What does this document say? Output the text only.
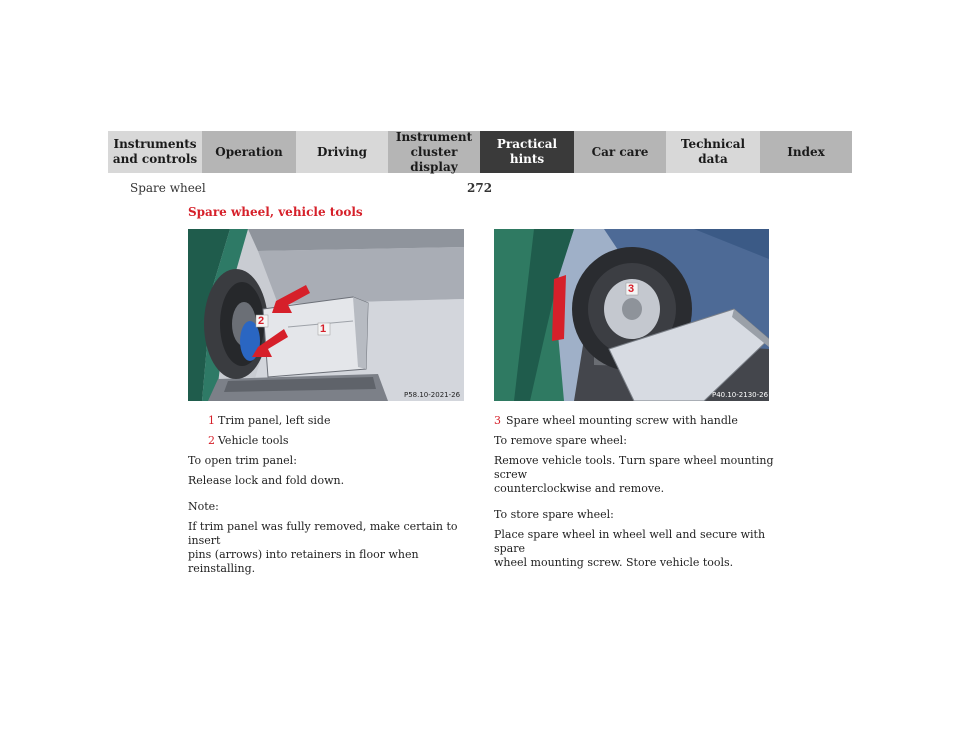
Instruments
and controls
Operation	Driving
Instrument
cluster display
Practical hints
Car care
Technical
data
Index
Spare wheel	272
Spare wheel, vehicle tools
1
2
P58.10-2021-26
3
P40.10-2130-26
1 Trim panel, left side
2 Vehicle tools

To open trim panel:

Release lock and fold down.

Note:

If trim panel was fully removed, make certain to insert
pins (arrows) into retainers in floor when reinstalling.

3 Spare wheel mounting screw with handle

To remove spare wheel:

Remove vehicle tools. Turn spare wheel mounting screw
counterclockwise and remove.

To store spare wheel:

Place spare wheel in wheel well and secure with spare
wheel mounting screw. Store vehicle tools.
